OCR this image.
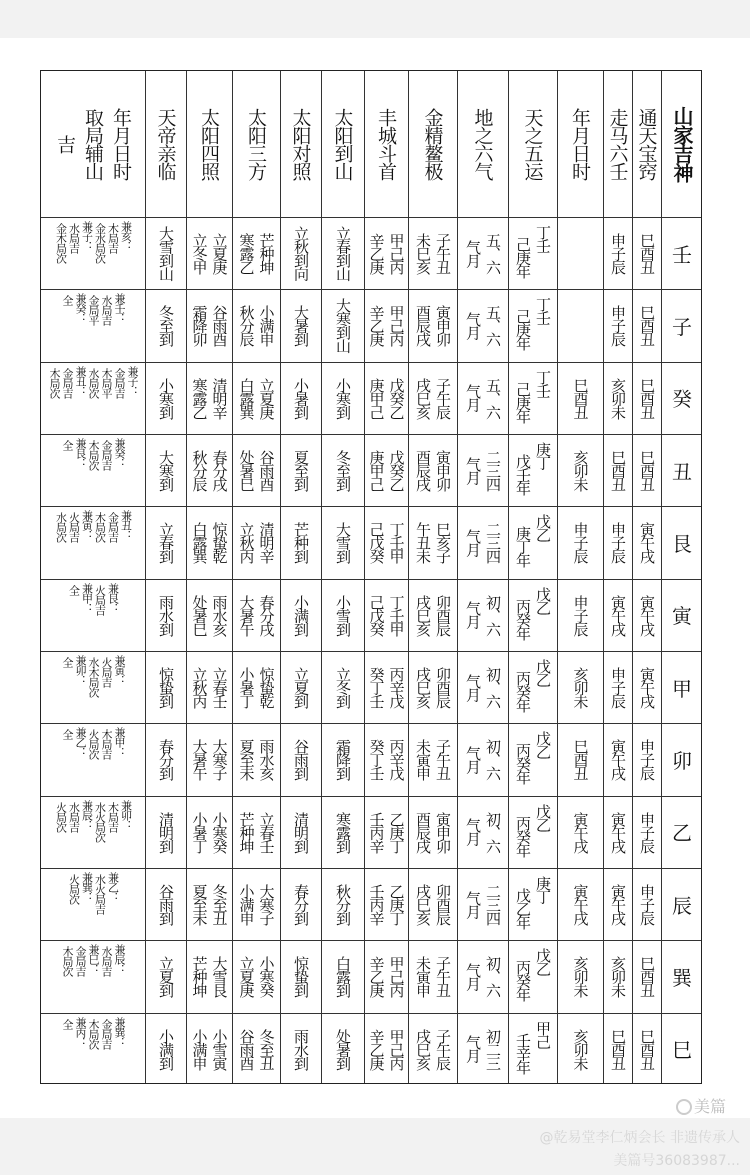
山家吉神
通天宝窍
走马六壬
年月日时
天之五运
地之六气
金精鳌极
丰城斗首
太阳到山
太阳对照
太阳三方
太阳四照
天帝亲临
年月日时
取局辅山
吉
壬
巳酉丑
申子辰
丁壬
己庚年
五、六
气月
子午丑
未巳亥
甲己丙
辛乙庚
立春到山
立秋到向
芒种坤
寒露乙
立夏庚
立冬甲
大雪到山
兼亥：
木局吉
金水局次
兼子：
水局吉
金木局次
子
巳酉丑
申子辰
丁壬
己庚年
五、六
气月
寅申卯
酉辰戌
甲己丙
辛乙庚
大寒到山
大暑到
小满申
秋分辰
谷雨酉
霜降卯
冬至到
兼壬：
水局吉
金局平
兼癸：
全
癸
巳酉丑
亥卯未
巳酉丑
丁壬
己庚年
五、六
气月
子午辰
戌巳亥
戊癸乙
庚甲己
小寒到
小暑到
立夏庚
白露巽
清明辛
寒露乙
小寒到
兼子：
金局吉
木局平
水局次
兼丑：
金局吉
木局次
丑
巳酉丑
巳酉丑
亥卯未
庚丁
戊壬年
二三四
气月
寅申卯
酉辰戌
戊癸乙
庚甲己
冬至到
夏至到
谷雨酉
处暑巳
春分戌
秋分辰
大寒到
兼癸：
金局吉
木局次
兼艮：
全
艮
寅午戌
申子辰
申子辰
戊乙
庚丁年
二三四
气月
巳亥子
午丑未
丁壬甲
己戊癸
大雪到
芒种到
清明辛
立秋丙
惊蛰乾
白露巽
立春到
兼丑：
金局吉
木局次
兼寅：
火局吉
水局次
寅
寅午戌
寅午戌
申子辰
戊乙
丙癸年
初、六
气月
卯酉辰
戌巳亥
丁壬甲
己戊癸
小雪到
小满到
春分戌
大暑午
雨水亥
处暑巳
雨水到
兼艮：
火局吉
兼甲：
全
甲
寅午戌
申子辰
亥卯未
戊乙
丙癸年
初、六
气月
卯酉辰
戌巳亥
丙辛戊
癸丁壬
立冬到
立夏到
惊蛰乾
小暑丁
立春壬
立秋丙
惊蛰到
兼寅：
火局吉
水木局次
兼卯：
全
卯
申子辰
寅午戌
巳酉丑
戊乙
丙癸年
初、六
气月
子午丑
未寅申
丙辛戊
癸丁壬
霜降到
谷雨到
雨水亥
夏至未
大寒子
大暑午
春分到
兼甲：
木局吉
火局次
兼乙：
全
乙
申子辰
寅午戌
寅午戌
戊乙
丙癸年
初、六
气月
寅申卯
酉辰戌
乙庚丁
壬丙辛
寒露到
清明到
立春壬
芒种坤
小寒癸
小暑丁
清明到
兼卯：
木局吉
水火局次
兼辰：
水局吉
火局次
辰
申子辰
寅午戌
寅午戌
庚丁
戊乙年
二三四
气月
卯酉辰
戌巳亥
乙庚丁
壬丙辛
秋分到
春分到
大寒子
小满申
冬至丑
夏至未
谷雨到
兼乙：
水火局吉
兼巽：
火局次
巽
巳酉丑
亥卯未
亥卯未
戊乙
丙癸年
初、六
气月
子午丑
未寅申
甲己丙
辛乙庚
白露到
惊蛰到
小寒癸
立夏庚
大雪艮
芒种坤
立夏到
兼辰：
水局吉
兼巳：
金局吉
木局次
巳
巳酉丑
巳酉丑
亥卯未
甲己
壬辛年
初二三
气月
子午辰
戌巳亥
甲己丙
辛乙庚
处暑到
雨水到
冬至丑
谷雨酉
小雪寅
小满申
小满到
兼巽：
金局吉
木局次
兼丙：
全
美篇
@乾易堂李仁炳会长 非遗传承人
美篇号36083987...
